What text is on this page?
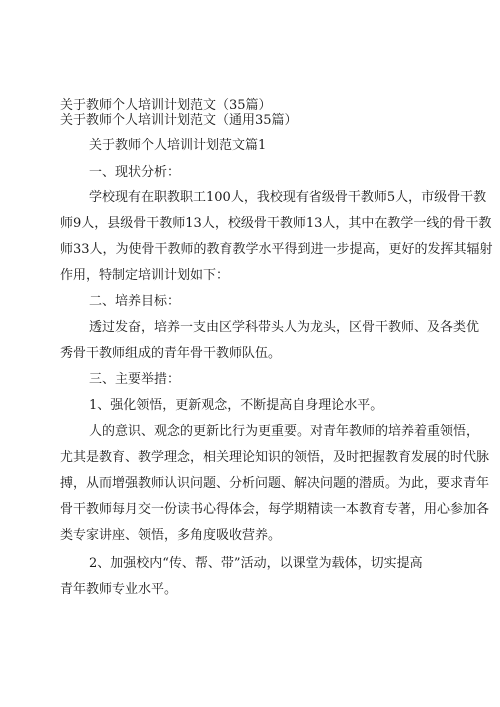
关于教师个人培训计划范文（35篇）
关于教师个人培训计划范文（通用35篇）
关于教师个人培训计划范文篇1
一、现状分析：
学校现有在职教职工100人，我校现有省级骨干教师5人，市级骨干教
师9人，县级骨干教师13人，校级骨干教师13人，其中在教学一线的骨干教
师33人，为使骨干教师的教育教学水平得到进一步提高，更好的发挥其辐射
作用，特制定培训计划如下：
二、培养目标：
透过发奋，培养一支由区学科带头人为龙头，区骨干教师、及各类优
秀骨干教师组成的青年骨干教师队伍。
三、主要举措：
1、强化领悟，更新观念，不断提高自身理论水平。
人的意识、观念的更新比行为更重要。对青年教师的培养着重领悟，
尤其是教育、教学理念，相关理论知识的领悟，及时把握教育发展的时代脉
搏，从而增强教师认识问题、分析问题、解决问题的潜质。为此，要求青年
骨干教师每月交一份读书心得体会，每学期精读一本教育专著，用心参加各
类专家讲座、领悟，多角度吸收营养。
2、加强校内“传、帮、带”活动，以课堂为载体，切实提高
青年教师专业水平。
